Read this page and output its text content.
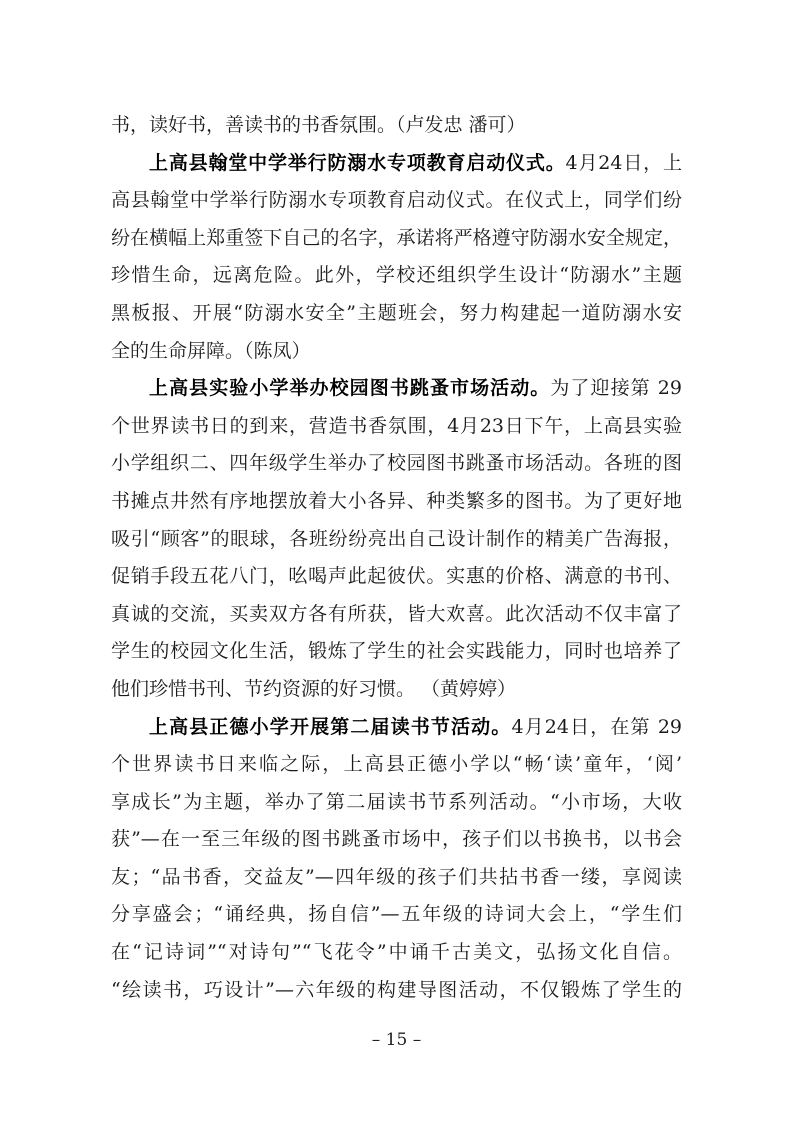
书，读好书，善读书的书香氛围。（卢发忠 潘可）
上高县翰堂中学举行防溺水专项教育启动仪式。4月24日，上
高县翰堂中学举行防溺水专项教育启动仪式。在仪式上，同学们纷
纷在横幅上郑重签下自己的名字，承诺将严格遵守防溺水安全规定，
珍惜生命，远离危险。此外，学校还组织学生设计“防溺水”主题
黑板报、开展“防溺水安全”主题班会，努力构建起一道防溺水安
全的生命屏障。（陈凤）
上高县实验小学举办校园图书跳蚤市场活动。为了迎接第 29
个世界读书日的到来，营造书香氛围，4月23日下午，上高县实验
小学组织二、四年级学生举办了校园图书跳蚤市场活动。各班的图
书摊点井然有序地摆放着大小各异、种类繁多的图书。为了更好地
吸引“顾客”的眼球，各班纷纷亮出自己设计制作的精美广告海报，
促销手段五花八门，吆喝声此起彼伏。实惠的价格、满意的书刊、
真诚的交流，买卖双方各有所获，皆大欢喜。此次活动不仅丰富了
学生的校园文化生活，锻炼了学生的社会实践能力，同时也培养了
他们珍惜书刊、节约资源的好习惯。 （黄婷婷）
上高县正德小学开展第二届读书节活动。4月24日，在第 29
个世界读书日来临之际，上高县正德小学以“畅‘读’童年，‘阅’
享成长”为主题，举办了第二届读书节系列活动。“小市场，大收
获”—在一至三年级的图书跳蚤市场中，孩子们以书换书，以书会
友；“品书香，交益友”—四年级的孩子们共拈书香一缕，享阅读
分享盛会；“诵经典，扬自信”—五年级的诗词大会上，“学生们
在“记诗词”“对诗句”“飞花令”中诵千古美文，弘扬文化自信。
“绘读书，巧设计”—六年级的构建导图活动，不仅锻炼了学生的
– 15 –
